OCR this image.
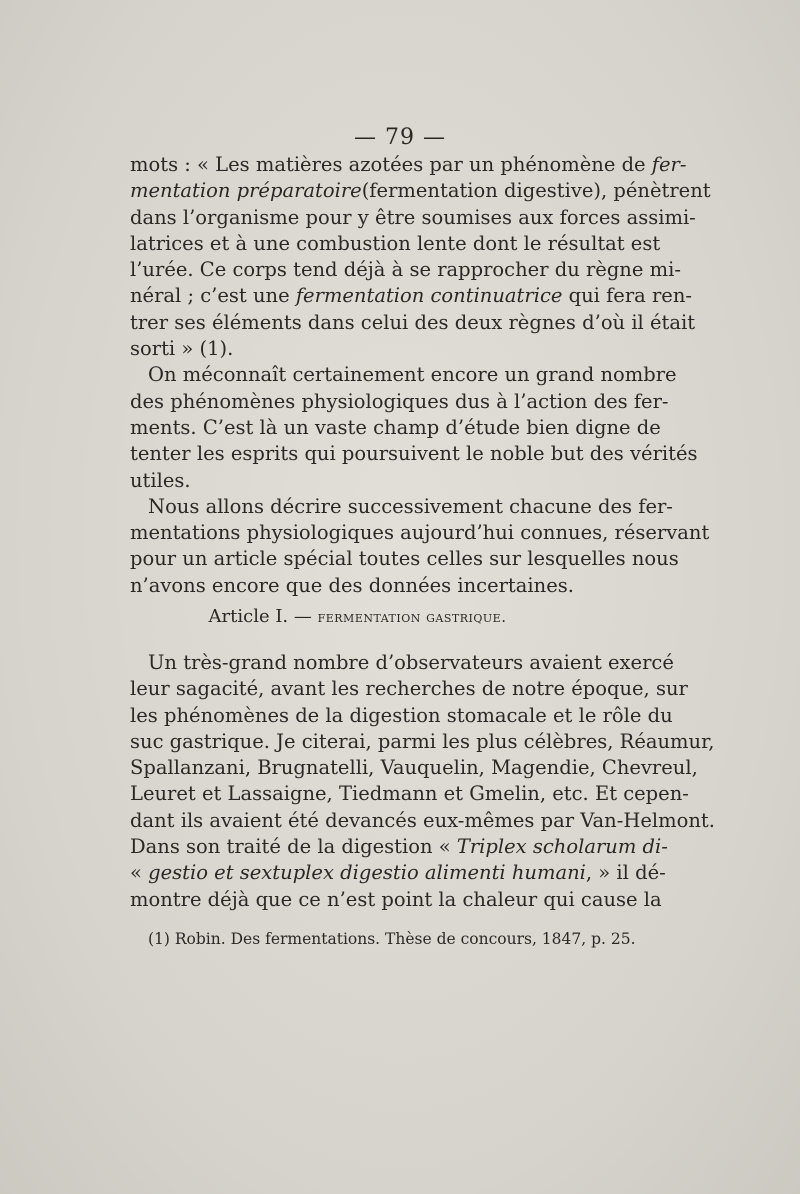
— 79 —
mots : « Les matières azotées par un phénomène de fer-
mentation préparatoire(fermentation digestive), pénètrent
dans l’organisme pour y être soumises aux forces assimi-
latrices et à une combustion lente dont le résultat est
l’urée. Ce corps tend déjà à se rapprocher du règne mi-
néral ; c’est une fermentation continuatrice qui fera ren-
trer ses éléments dans celui des deux règnes d’où il était
sorti » (1).
On méconnaît certainement encore un grand nombre
des phénomènes physiologiques dus à l’action des fer-
ments. C’est là un vaste champ d’étude bien digne de
tenter les esprits qui poursuivent le noble but des vérités
utiles.
Nous allons décrire successivement chacune des fer-
mentations physiologiques aujourd’hui connues, réservant
pour un article spécial toutes celles sur lesquelles nous
n’avons encore que des données incertaines.
Article I. — fermentation gastrique.
Un très-grand nombre d’observateurs avaient exercé
leur sagacité, avant les recherches de notre époque, sur
les phénomènes de la digestion stomacale et le rôle du
suc gastrique. Je citerai, parmi les plus célèbres, Réaumur,
Spallanzani, Brugnatelli, Vauquelin, Magendie, Chevreul,
Leuret et Lassaigne, Tiedmann et Gmelin, etc. Et cepen-
dant ils avaient été devancés eux-mêmes par Van-Helmont.
Dans son traité de la digestion « Triplex scholarum di-
« gestio et sextuplex digestio alimenti humani, » il dé-
montre déjà que ce n’est point la chaleur qui cause la
(1) Robin. Des fermentations. Thèse de concours, 1847, p. 25.
